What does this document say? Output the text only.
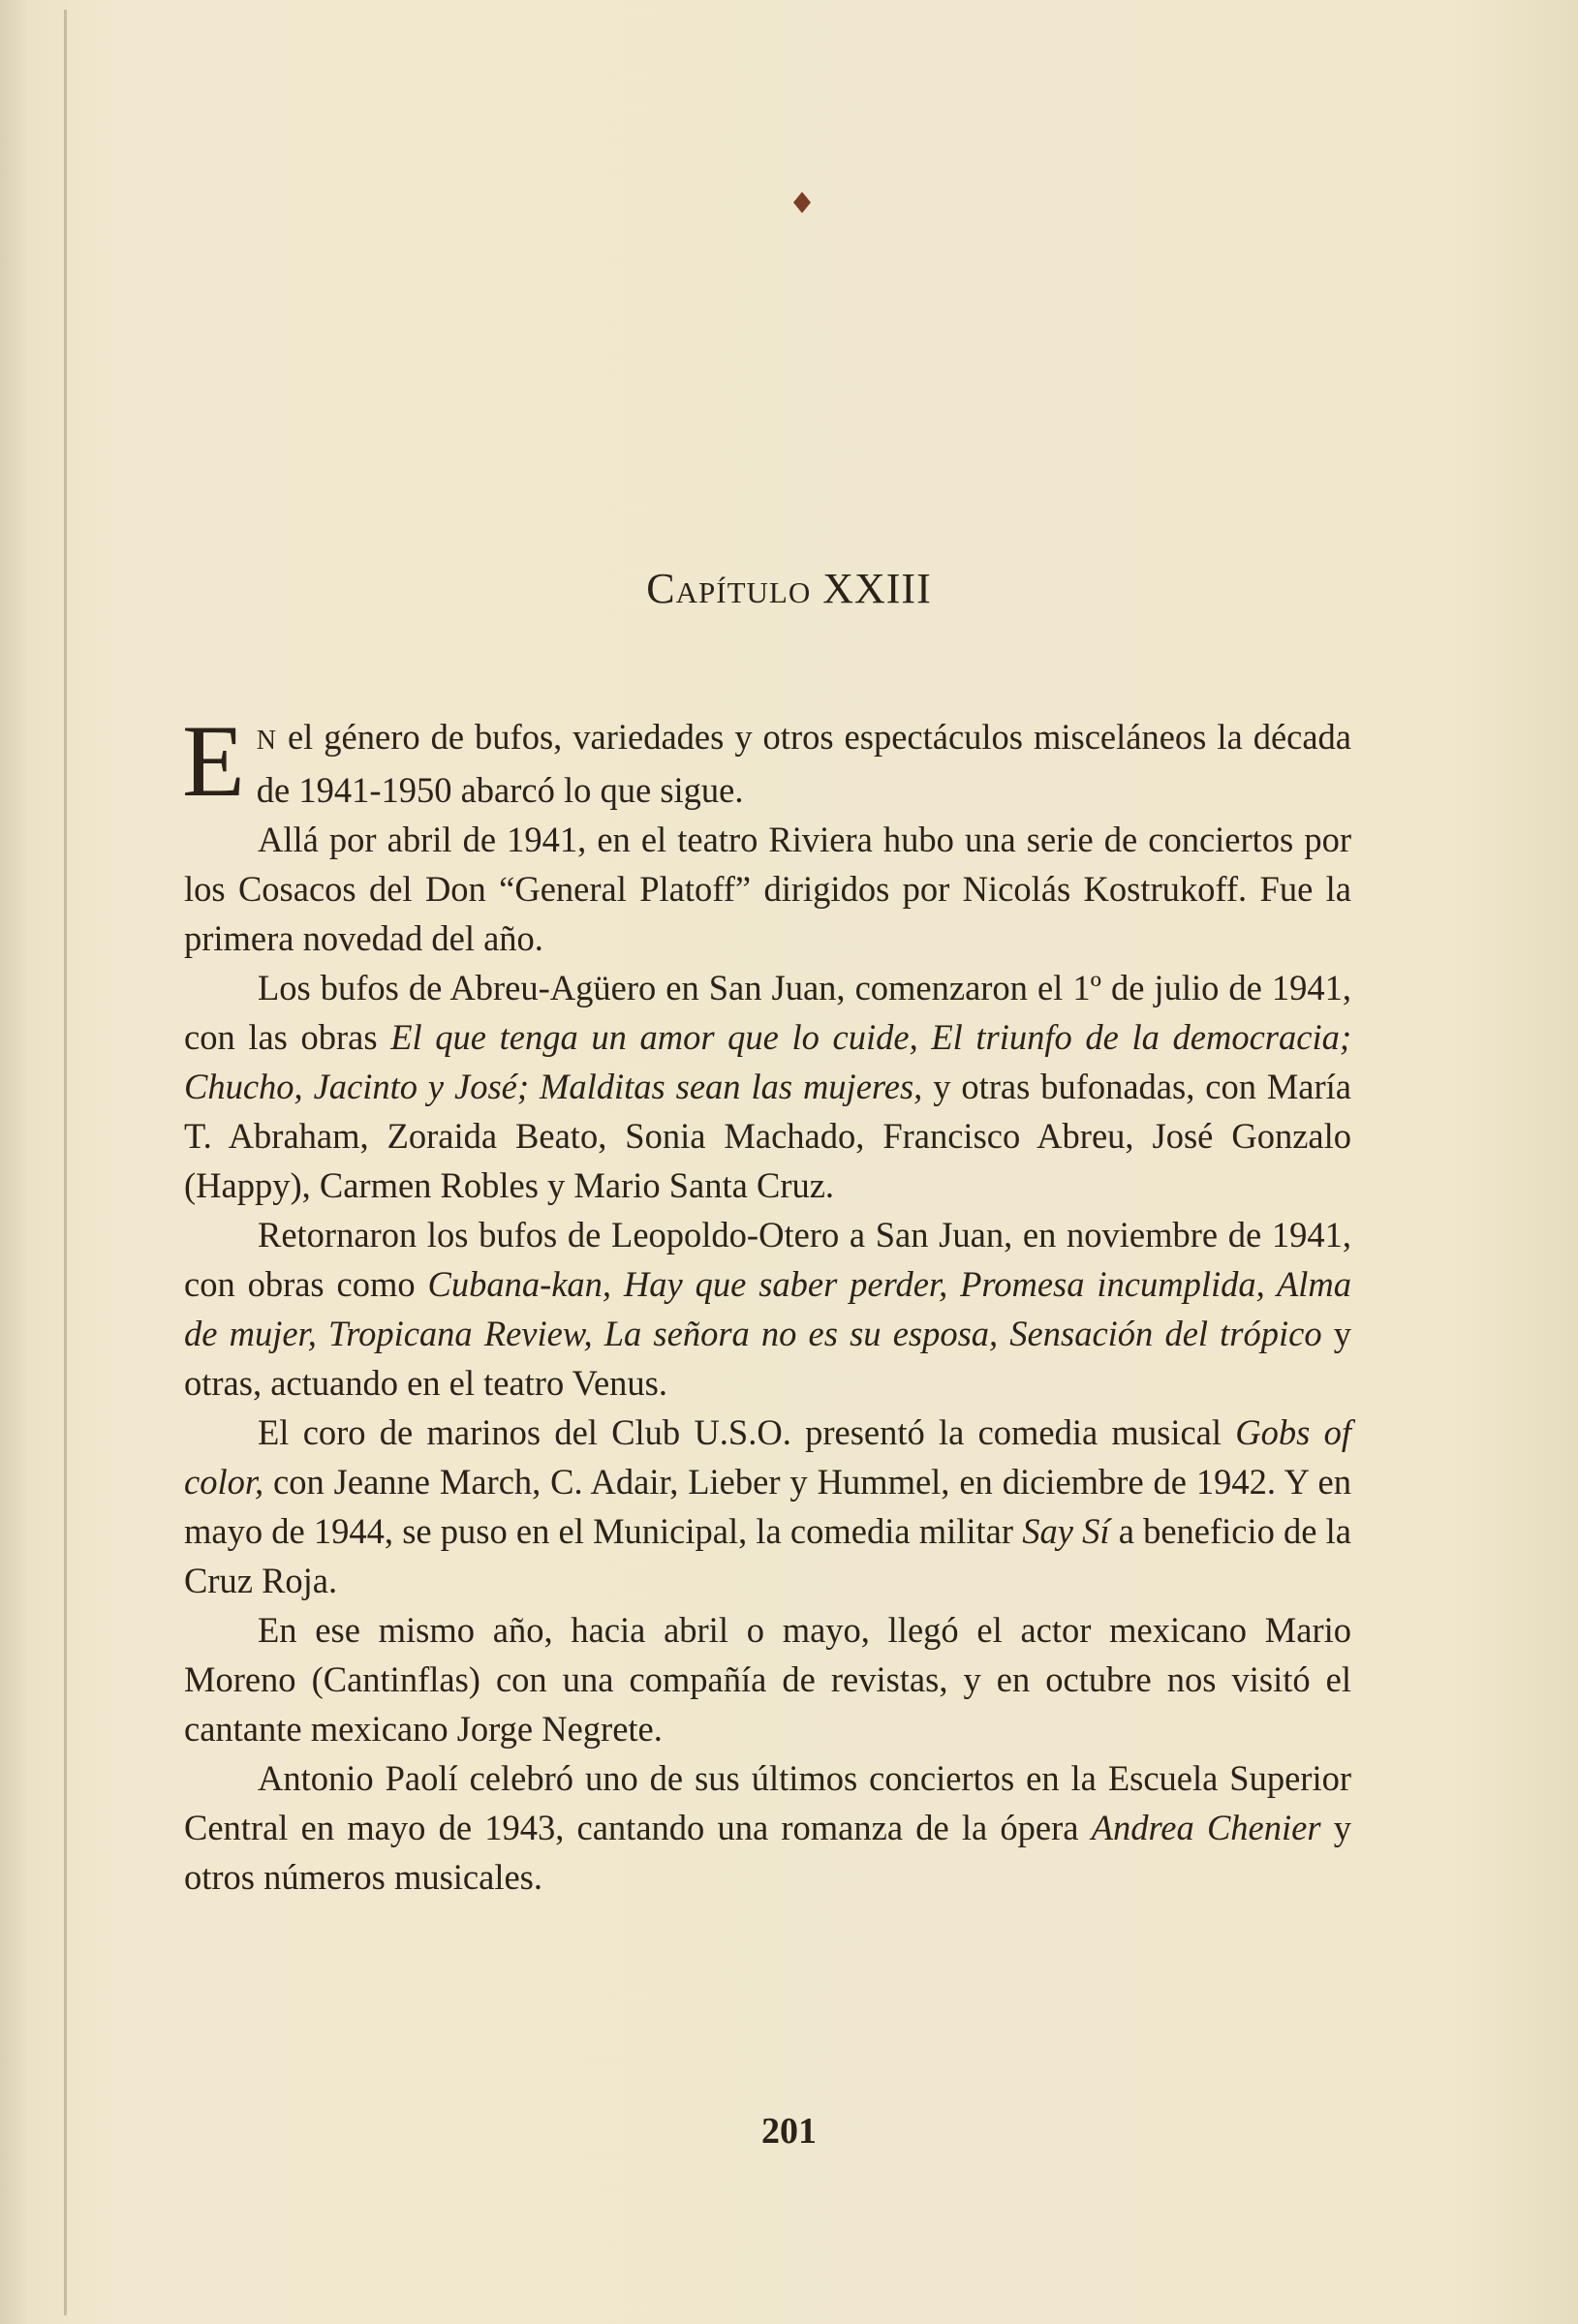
Capítulo XXIII

EN el género de bufos, variedades y otros espectáculos misceláneos la década de 1941-1950 abarcó lo que sigue.

Allá por abril de 1941, en el teatro Riviera hubo una serie de conciertos por los Cosacos del Don “General Platoff” dirigidos por Nicolás Kostrukoff. Fue la primera novedad del año.

Los bufos de Abreu-Agüero en San Juan, comenzaron el 1º de julio de 1941, con las obras El que tenga un amor que lo cuide, El triunfo de la democracia; Chucho, Jacinto y José; Malditas sean las mujeres, y otras bufonadas, con María T. Abraham, Zoraida Beato, Sonia Machado, Francisco Abreu, José Gonzalo (Happy), Carmen Robles y Mario Santa Cruz.

Retornaron los bufos de Leopoldo-Otero a San Juan, en noviembre de 1941, con obras como Cubana-kan, Hay que saber perder, Promesa incumplida, Alma de mujer, Tropicana Review, La señora no es su esposa, Sensación del trópico y otras, actuando en el teatro Venus.

El coro de marinos del Club U.S.O. presentó la comedia musical Gobs of color, con Jeanne March, C. Adair, Lieber y Hummel, en diciembre de 1942. Y en mayo de 1944, se puso en el Municipal, la comedia militar Say Sí a beneficio de la Cruz Roja.

En ese mismo año, hacia abril o mayo, llegó el actor mexicano Mario Moreno (Cantinflas) con una compañía de revistas, y en octubre nos visitó el cantante mexicano Jorge Negrete.

Antonio Paolí celebró uno de sus últimos conciertos en la Escuela Superior Central en mayo de 1943, cantando una romanza de la ópera Andrea Chenier y otros números musicales.

201
